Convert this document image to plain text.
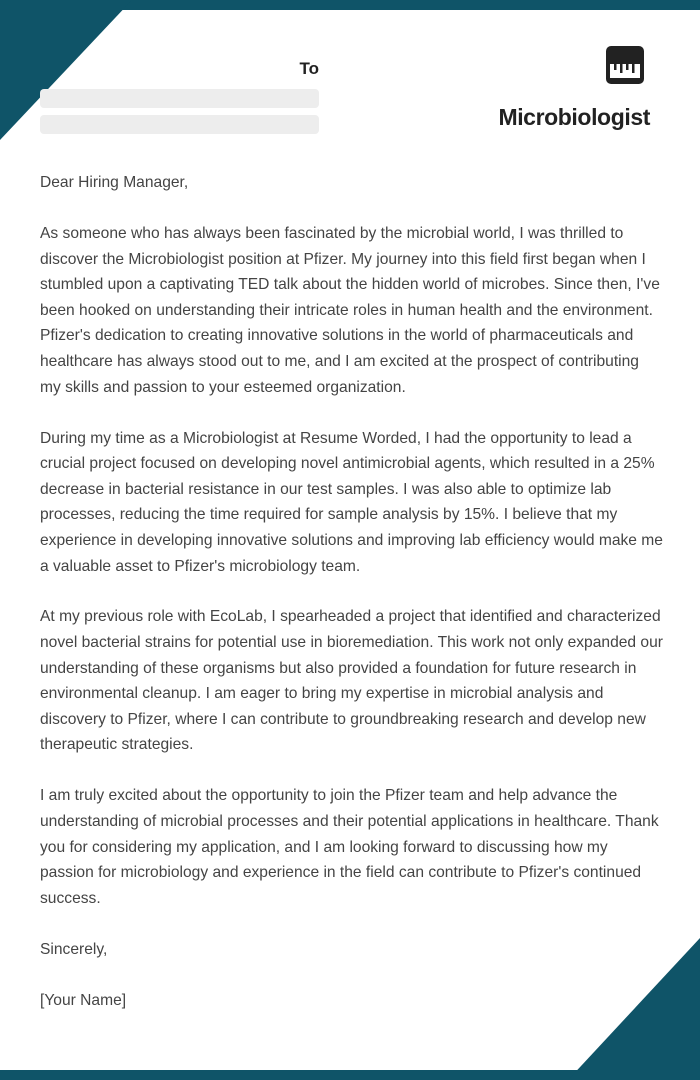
To
Microbiologist

Dear Hiring Manager,

As someone who has always been fascinated by the microbial world, I was thrilled to discover the Microbiologist position at Pfizer. My journey into this field first began when I stumbled upon a captivating TED talk about the hidden world of microbes. Since then, I've been hooked on understanding their intricate roles in human health and the environment. Pfizer's dedication to creating innovative solutions in the world of pharmaceuticals and healthcare has always stood out to me, and I am excited at the prospect of contributing my skills and passion to your esteemed organization.

During my time as a Microbiologist at Resume Worded, I had the opportunity to lead a crucial project focused on developing novel antimicrobial agents, which resulted in a 25% decrease in bacterial resistance in our test samples. I was also able to optimize lab processes, reducing the time required for sample analysis by 15%. I believe that my experience in developing innovative solutions and improving lab efficiency would make me a valuable asset to Pfizer's microbiology team.

At my previous role with EcoLab, I spearheaded a project that identified and characterized novel bacterial strains for potential use in bioremediation. This work not only expanded our understanding of these organisms but also provided a foundation for future research in environmental cleanup. I am eager to bring my expertise in microbial analysis and discovery to Pfizer, where I can contribute to groundbreaking research and develop new therapeutic strategies.

I am truly excited about the opportunity to join the Pfizer team and help advance the understanding of microbial processes and their potential applications in healthcare. Thank you for considering my application, and I am looking forward to discussing how my passion for microbiology and experience in the field can contribute to Pfizer's continued success.

Sincerely,

[Your Name]
